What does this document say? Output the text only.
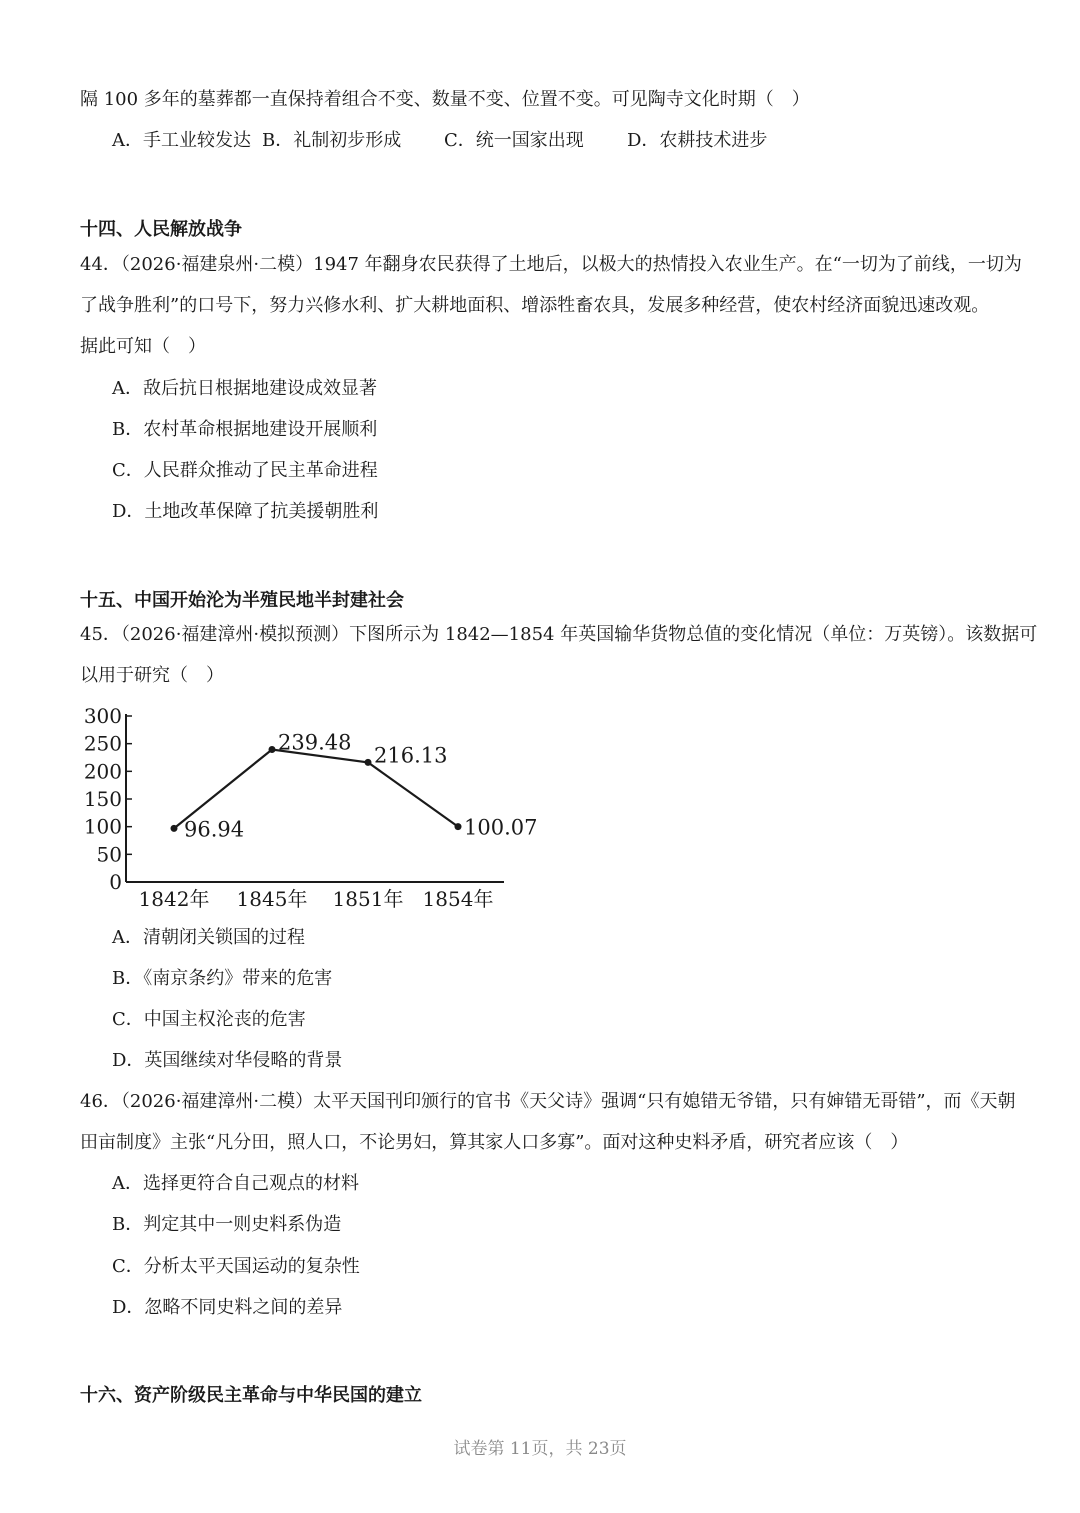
隔 100 多年的墓葬都一直保持着组合不变、数量不变、位置不变。可见陶寺文化时期（　）
A．手工业较发达 B．礼制初步形成 C．统一国家出现 D．农耕技术进步
十四、人民解放战争
44．（2026·福建泉州·二模）1947 年翻身农民获得了土地后，以极大的热情投入农业生产。在“一切为了前线，一切为
了战争胜利”的口号下，努力兴修水利、扩大耕地面积、增添牲畜农具，发展多种经营，使农村经济面貌迅速改观。
据此可知（　）
A．敌后抗日根据地建设成效显著
B．农村革命根据地建设开展顺利
C．人民群众推动了民主革命进程
D．土地改革保障了抗美援朝胜利
十五、中国开始沦为半殖民地半封建社会
45．（2026·福建漳州·模拟预测）下图所示为 1842—1854 年英国输华货物总值的变化情况（单位：万英镑）。该数据可
以用于研究（　）
0
50
100
150
200
250
300
1842年 1845年 1851年 1854年
96.94
239.48
216.13
100.07
A．清朝闭关锁国的过程
B．《南京条约》带来的危害
C．中国主权沦丧的危害
D．英国继续对华侵略的背景
46．（2026·福建漳州·二模）太平天国刊印颁行的官书《天父诗》强调“只有媳错无爷错，只有婶错无哥错”，而《天朝
田亩制度》主张“凡分田，照人口，不论男妇，算其家人口多寡”。面对这种史料矛盾，研究者应该（　）
A．选择更符合自己观点的材料
B．判定其中一则史料系伪造
C．分析太平天国运动的复杂性
D．忽略不同史料之间的差异
十六、资产阶级民主革命与中华民国的建立
试卷第 11页，共 23页
